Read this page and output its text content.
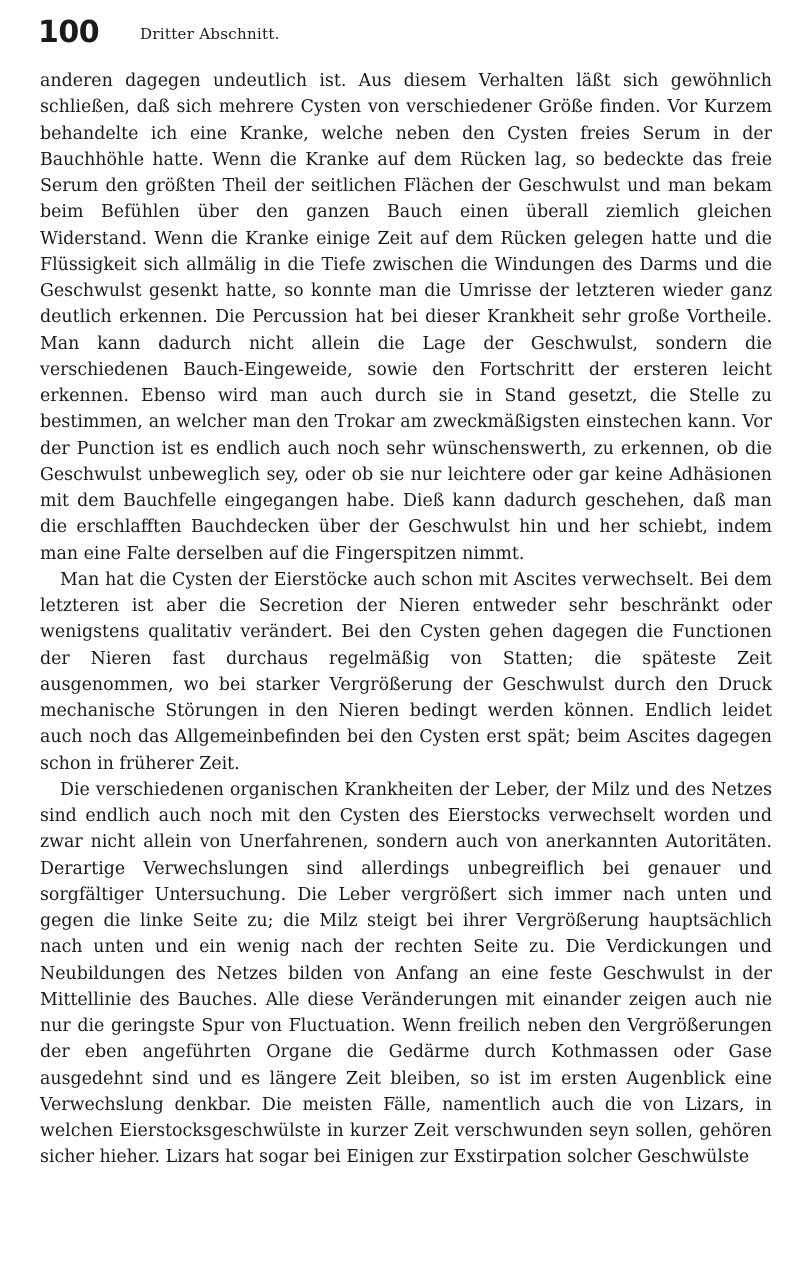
100	Dritter Abschnitt.

anderen dagegen undeutlich ist. Aus diesem Verhalten läßt sich gewöhnlich schließen, daß sich mehrere Cysten von verschiedener Größe finden. Vor Kurzem behandelte ich eine Kranke, welche neben den Cysten freies Serum in der Bauchhöhle hatte. Wenn die Kranke auf dem Rücken lag, so bedeckte das freie Serum den größten Theil der seitlichen Flächen der Geschwulst und man bekam beim Befühlen über den ganzen Bauch einen überall ziemlich gleichen Widerstand. Wenn die Kranke einige Zeit auf dem Rücken gelegen hatte und die Flüssigkeit sich allmälig in die Tiefe zwischen die Windungen des Darms und die Geschwulst gesenkt hatte, so konnte man die Umrisse der letzteren wieder ganz deutlich erkennen. Die Percussion hat bei dieser Krankheit sehr große Vortheile. Man kann dadurch nicht allein die Lage der Geschwulst, sondern die verschiedenen Bauch-Eingeweide, sowie den Fortschritt der ersteren leicht erkennen. Ebenso wird man auch durch sie in Stand gesetzt, die Stelle zu bestimmen, an welcher man den Trokar am zweckmäßigsten einstechen kann. Vor der Punction ist es endlich auch noch sehr wünschenswerth, zu erkennen, ob die Geschwulst unbeweglich sey, oder ob sie nur leichtere oder gar keine Adhäsionen mit dem Bauchfelle eingegangen habe. Dieß kann dadurch geschehen, daß man die erschlafften Bauchdecken über der Geschwulst hin und her schiebt, indem man eine Falte derselben auf die Fingerspitzen nimmt.

Man hat die Cysten der Eierstöcke auch schon mit Ascites verwechselt. Bei dem letzteren ist aber die Secretion der Nieren entweder sehr beschränkt oder wenigstens qualitativ verändert. Bei den Cysten gehen dagegen die Functionen der Nieren fast durchaus regelmäßig von Statten; die späteste Zeit ausgenommen, wo bei starker Vergrößerung der Geschwulst durch den Druck mechanische Störungen in den Nieren bedingt werden können. Endlich leidet auch noch das Allgemeinbefinden bei den Cysten erst spät; beim Ascites dagegen schon in früherer Zeit.

Die verschiedenen organischen Krankheiten der Leber, der Milz und des Netzes sind endlich auch noch mit den Cysten des Eierstocks verwechselt worden und zwar nicht allein von Unerfahrenen, sondern auch von anerkannten Autoritäten. Derartige Verwechslungen sind allerdings unbegreiflich bei genauer und sorgfältiger Untersuchung. Die Leber vergrößert sich immer nach unten und gegen die linke Seite zu; die Milz steigt bei ihrer Vergrößerung hauptsächlich nach unten und ein wenig nach der rechten Seite zu. Die Verdickungen und Neubildungen des Netzes bilden von Anfang an eine feste Geschwulst in der Mittellinie des Bauches. Alle diese Veränderungen mit einander zeigen auch nie nur die geringste Spur von Fluctuation. Wenn freilich neben den Vergrößerungen der eben angeführten Organe die Gedärme durch Kothmassen oder Gase ausgedehnt sind und es längere Zeit bleiben, so ist im ersten Augenblick eine Verwechslung denkbar. Die meisten Fälle, namentlich auch die von Lizars, in welchen Eierstocksgeschwülste in kurzer Zeit verschwunden seyn sollen, gehören sicher hieher. Lizars hat sogar bei Einigen zur Exstirpation solcher Geschwülste
